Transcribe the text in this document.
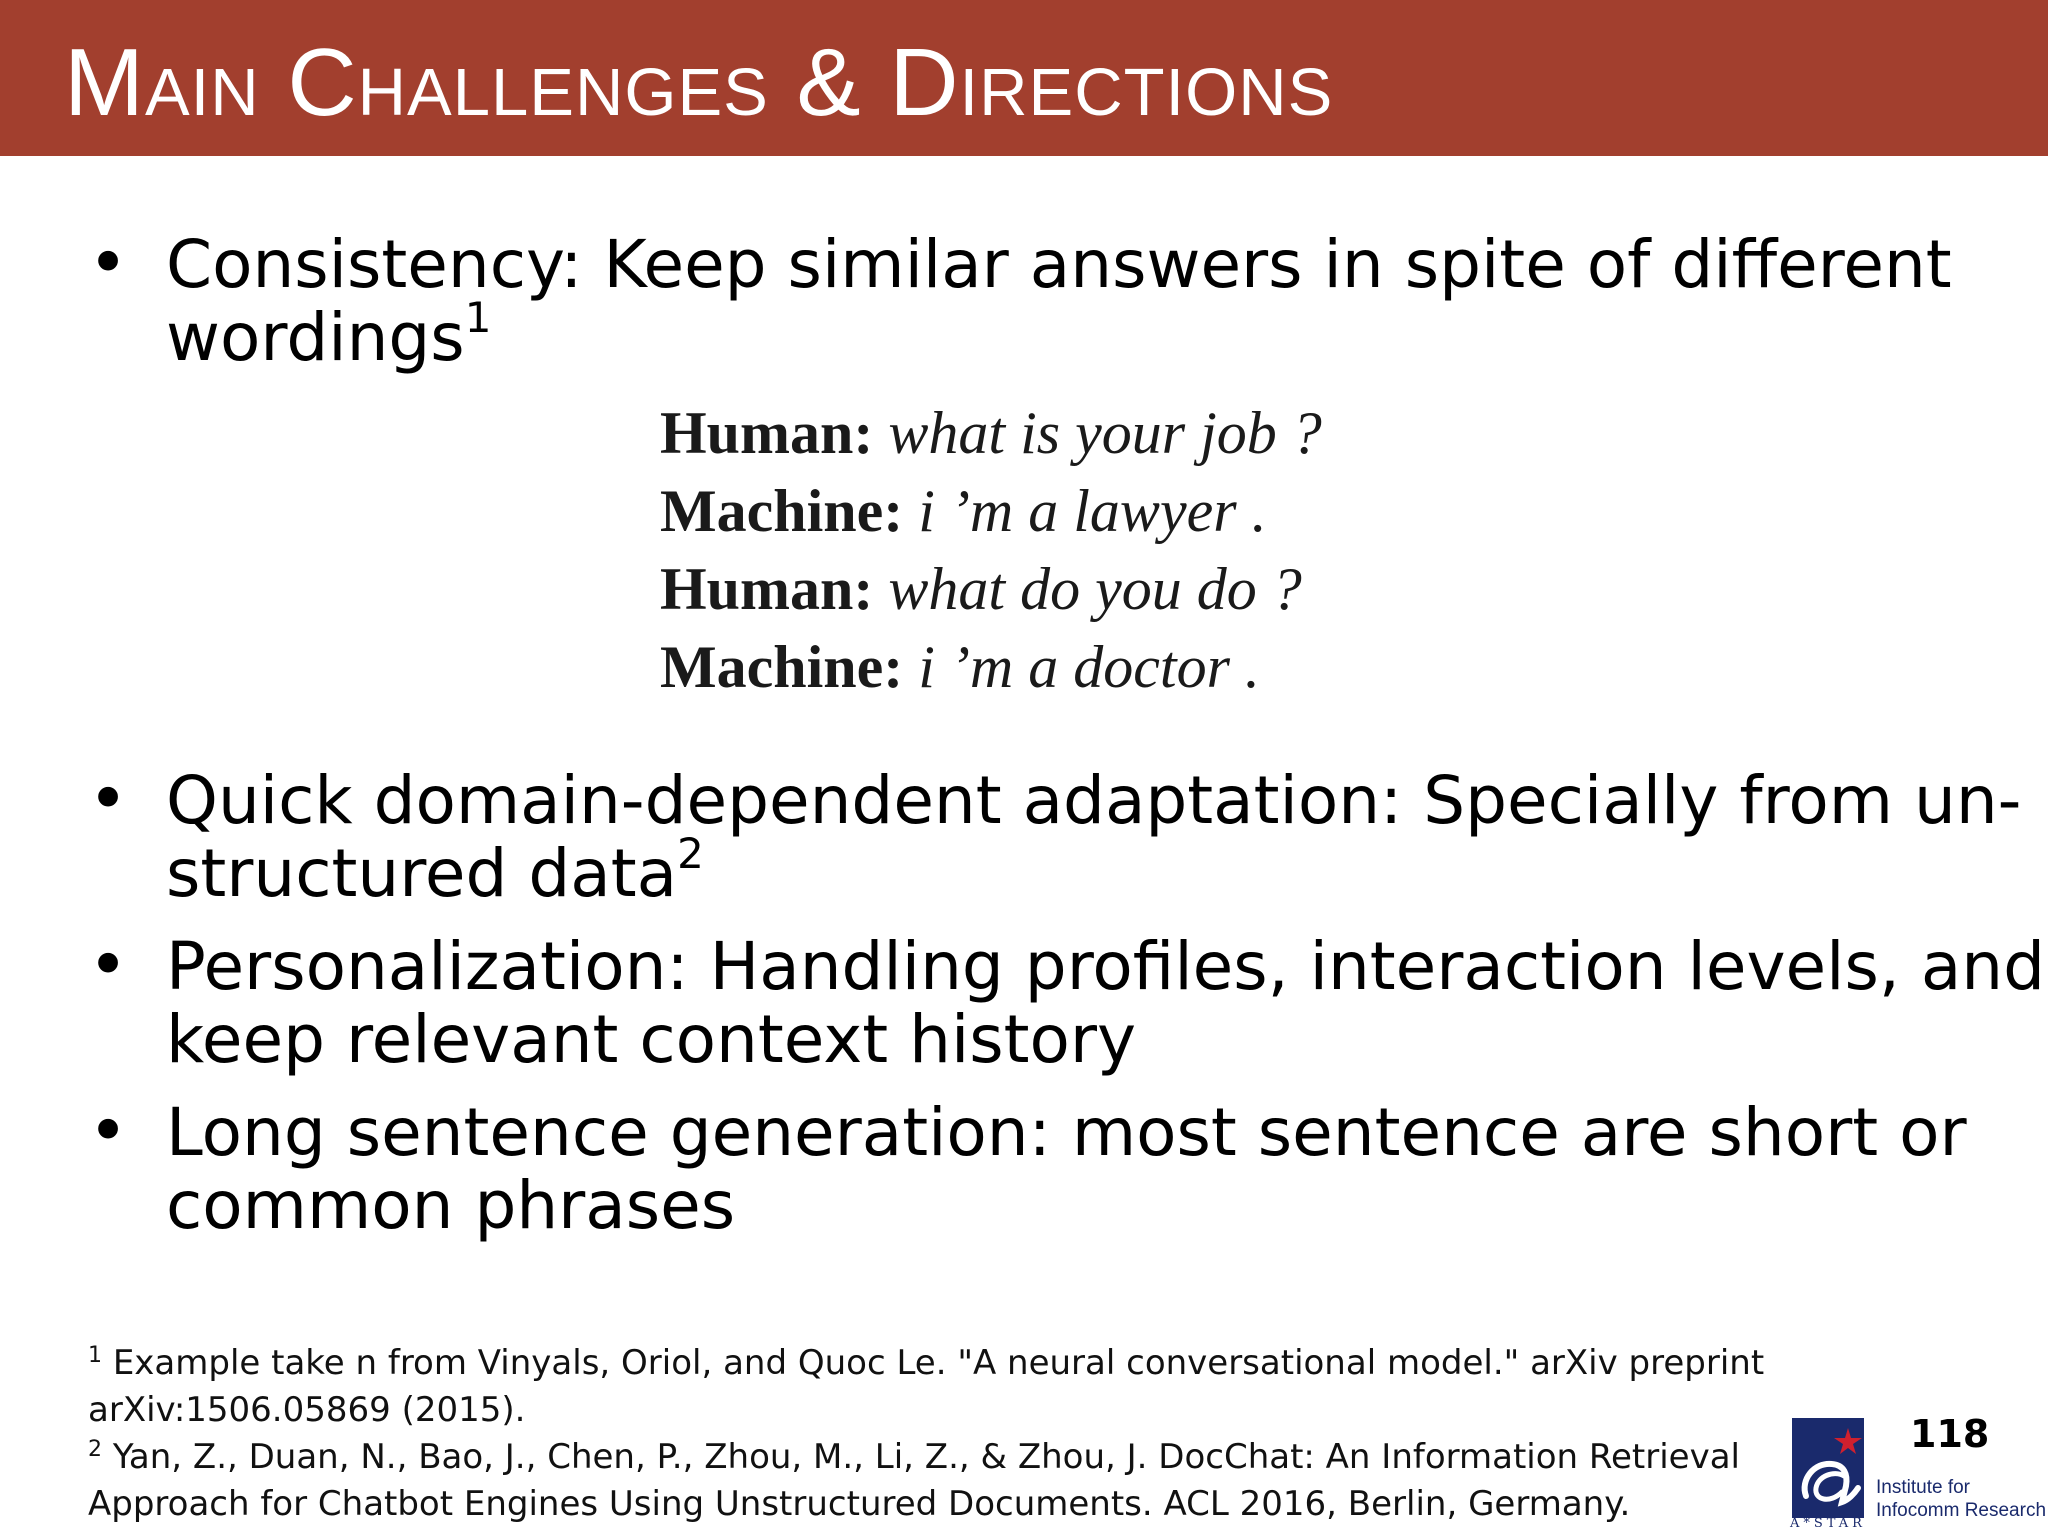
Main Challenges & Directions
• Consistency: Keep similar answers in spite of different
wordings$^1$
Human: what is your job ?
Machine: i ’m a lawyer .
Human: what do you do ?
Machine: i ’m a doctor .
• Quick domain-dependent adaptation: Specially from un-
structured data$^2$
• Personalization: Handling profiles, interaction levels, and
keep relevant context history
• Long sentence generation: most sentence are short or
common phrases
$^1$ Example take n from Vinyals, Oriol, and Quoc Le. "A neural conversational model." arXiv preprint
arXiv:1506.05869 (2015).
$^2$ Yan, Z., Duan, N., Bao, J., Chen, P., Zhou, M., Li, Z., & Zhou, J. DocChat: An Information Retrieval
Approach for Chatbot Engines Using Unstructured Documents. ACL 2016, Berlin, Germany.
118
A*STAR
Institute for
Infocomm Research
